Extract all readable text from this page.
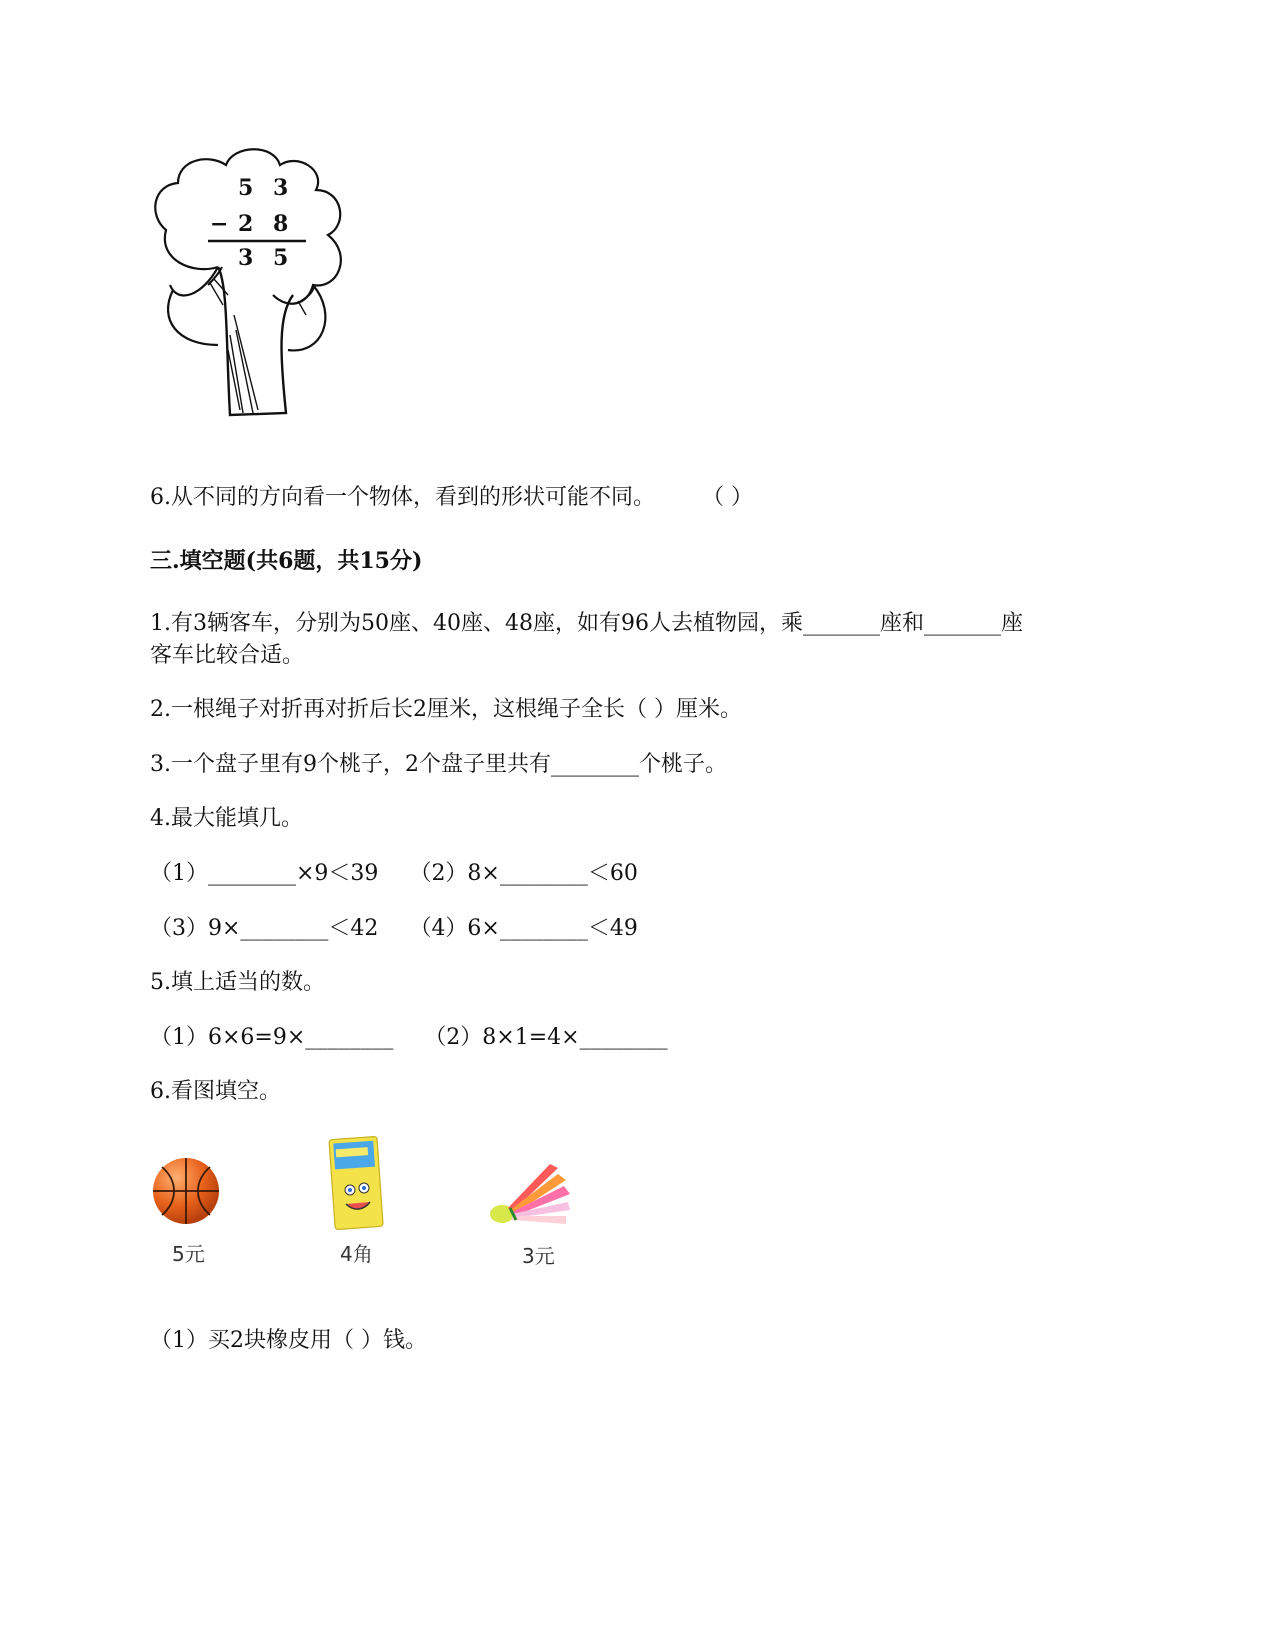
5 3
− 2 8
3 5
6.从不同的方向看一个物体，看到的形状可能不同。 （ ）
三.填空题(共6题，共15分)
1.有3辆客车，分别为50座、40座、48座，如有96人去植物园，乘_______座和_______座
客车比较合适。
2.一根绳子对折再对折后长2厘米，这根绳子全长（ ）厘米。
3.一个盘子里有9个桃子，2个盘子里共有________个桃子。
4.最大能填几。
（1）________×9＜39 （2）8×________＜60
（3）9×________＜42 （4）6×________＜49
5.填上适当的数。
（1）6×6=9×________ （2）8×1=4×________
6.看图填空。
5元	4角	3元
（1）买2块橡皮用（ ）钱。
